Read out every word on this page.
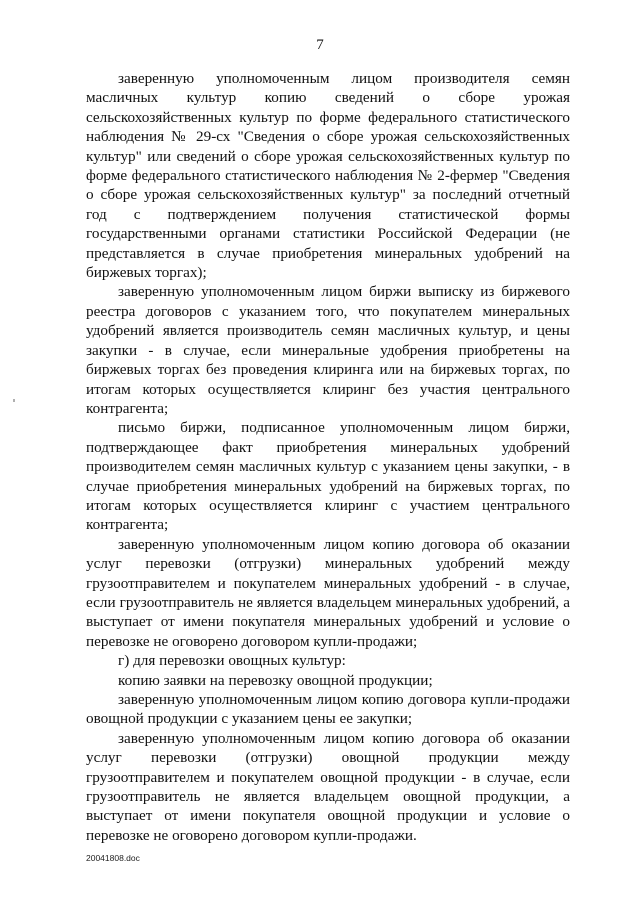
7

заверенную уполномоченным лицом производителя семян масличных культур копию сведений о сборе урожая сельскохозяйственных культур по форме федерального статистического наблюдения № 29-сх "Сведения о сборе урожая сельскохозяйственных культур" или сведений о сборе урожая сельскохозяйственных культур по форме федерального статистического наблюдения № 2-фермер "Сведения о сборе урожая сельскохозяйственных культур" за последний отчетный год с подтверждением получения статистической формы государственными органами статистики Российской Федерации (не представляется в случае приобретения минеральных удобрений на биржевых торгах);

заверенную уполномоченным лицом биржи выписку из биржевого реестра договоров с указанием того, что покупателем минеральных удобрений является производитель семян масличных культур, и цены закупки - в случае, если минеральные удобрения приобретены на биржевых торгах без проведения клиринга или на биржевых торгах, по итогам которых осуществляется клиринг без участия центрального контрагента;

письмо биржи, подписанное уполномоченным лицом биржи, подтверждающее факт приобретения минеральных удобрений производителем семян масличных культур с указанием цены закупки, - в случае приобретения минеральных удобрений на биржевых торгах, по итогам которых осуществляется клиринг с участием центрального контрагента;

заверенную уполномоченным лицом копию договора об оказании услуг перевозки (отгрузки) минеральных удобрений между грузоотправителем и покупателем минеральных удобрений - в случае, если грузоотправитель не является владельцем минеральных удобрений, а выступает от имени покупателя минеральных удобрений и условие о перевозке не оговорено договором купли-продажи;

г) для перевозки овощных культур:

копию заявки на перевозку овощной продукции;

заверенную уполномоченным лицом копию договора купли-продажи овощной продукции с указанием цены ее закупки;

заверенную уполномоченным лицом копию договора об оказании услуг перевозки (отгрузки) овощной продукции между грузоотправителем и покупателем овощной продукции - в случае, если грузоотправитель не является владельцем овощной продукции, а выступает от имени покупателя овощной продукции и условие о перевозке не оговорено договором купли-продажи.

20041808.doc
